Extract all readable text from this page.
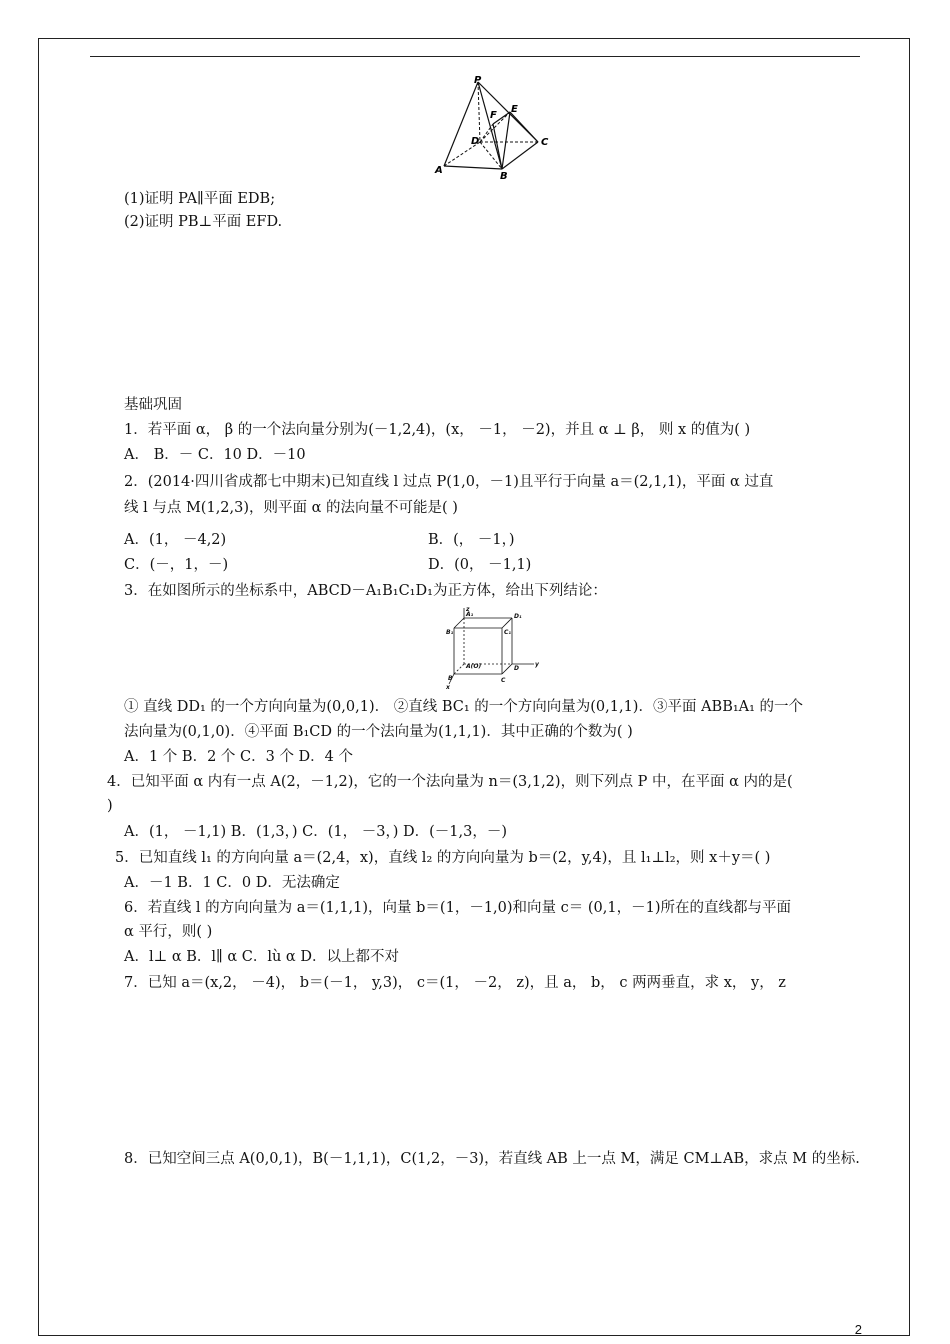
P
E
F
D	C
A
B
(1)证明 PA∥平面 EDB;
(2)证明 PB⊥平面 EFD.
基础巩固
1．若平面 α， β 的一个法向量分别为(－1,2,4)，(x， －1， －2)，并且 α ⊥ β， 则 x 的值为( )
A． B．－ C．10 D．－10
2．(2014·四川省成都七中期末)已知直线 l 过点 P(1,0，－1)且平行于向量 a＝(2,1,1)，平面 α 过直
线 l 与点 M(1,2,3)，则平面 α 的法向量不可能是( )
A．(1， －4,2)	B．(， －1，)
C．(－，1，－)	D．(0， －1,1)
3．在如图所示的坐标系中，ABCD－A₁B₁C₁D₁为正方体，给出下列结论：
z
A₁	D₁
B₁	C₁
A(O)	D
y
B	C
x
① 直线 DD₁ 的一个方向向量为(0,0,1)． ②直线 BC₁ 的一个方向向量为(0,1,1)．③平面 ABB₁A₁ 的一个
法向量为(0,1,0)．④平面 B₁CD 的一个法向量为(1,1,1)．其中正确的个数为( )
A．1 个 B．2 个 C．3 个 D．4 个
4．已知平面 α 内有一点 A(2，－1,2)，它的一个法向量为 n＝(3,1,2)，则下列点 P 中，在平面 α 内的是(
)
A．(1， －1,1) B．(1,3，) C．(1， －3，) D．(－1,3，－)
5．已知直线 l₁ 的方向向量 a＝(2,4，x)，直线 l₂ 的方向向量为 b＝(2，y,4)，且 l₁⊥l₂，则 x＋y＝( )
A．－1 B．1 C．0 D．无法确定
6．若直线 l 的方向向量为 a＝(1,1,1)，向量 b＝(1，－1,0)和向量 c＝ (0,1，－1)所在的直线都与平面
α 平行，则( )
A．l⊥ α B．l∥ α C．lù α D．以上都不对
7．已知 a＝(x,2， －4)， b＝(－1， y,3)， c＝(1， －2， z)，且 a， b， c 两两垂直，求 x， y， z
8．已知空间三点 A(0,0,1)，B(－1,1,1)，C(1,2，－3)，若直线 AB 上一点 M，满足 CM⊥AB，求点 M 的坐标.
2
